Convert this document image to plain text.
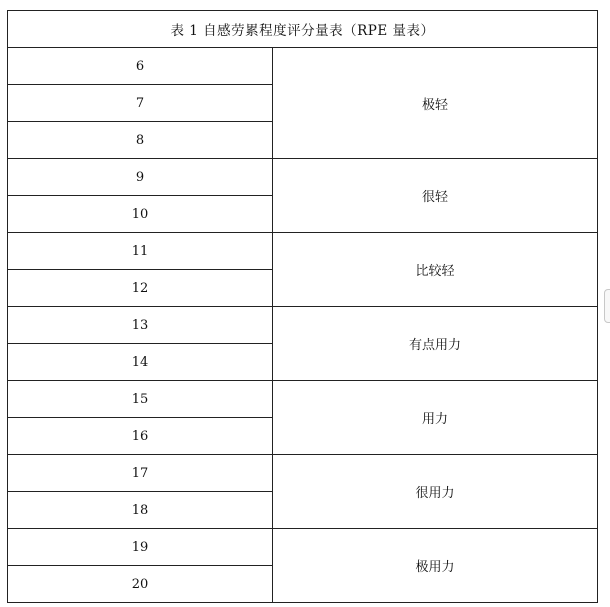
表 1 自感劳累程度评分量表（RPE 量表）	
6	极轻
7	
8	
9	很轻
10	
11	比较轻
12	
13	有点用力
14	
15	用力
16	
17	很用力
18	
19	极用力
20	
